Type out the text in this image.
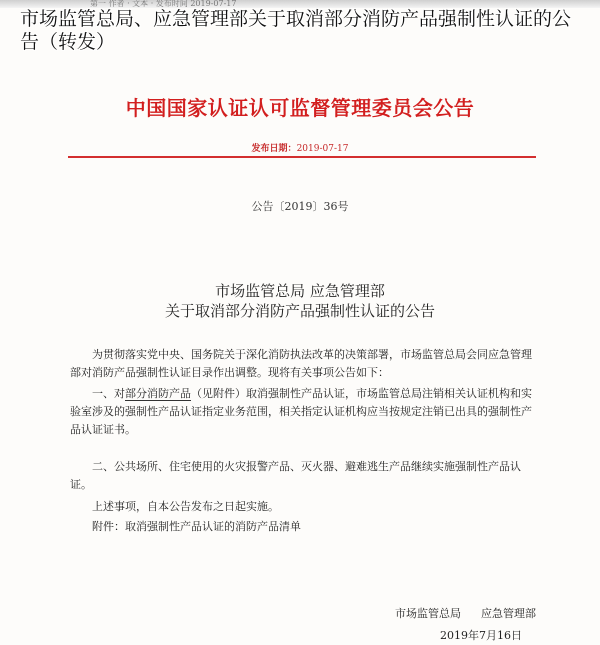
第一 作者 · 文本 · 发布时间 2019-07-17
市场监管总局、应急管理部关于取消部分消防产品强制性认证的公告（转发）
中国国家认证认可监督管理委员会公告
发布日期：2019-07-17
公告〔2019〕36号
市场监管总局 应急管理部
关于取消部分消防产品强制性认证的公告
为贯彻落实党中央、国务院关于深化消防执法改革的决策部署，市场监管总局会同应急管理部对消防产品强制性认证目录作出调整。现将有关事项公告如下：
一、对部分消防产品（见附件）取消强制性产品认证，市场监管总局注销相关认证机构和实验室涉及的强制性产品认证指定业务范围，相关指定认证机构应当按规定注销已出具的强制性产品认证证书。
二、公共场所、住宅使用的火灾报警产品、灭火器、避难逃生产品继续实施强制性产品认证。
上述事项，自本公告发布之日起实施。
附件：取消强制性产品认证的消防产品清单
市场监管总局 应急管理部
2019年7月16日
